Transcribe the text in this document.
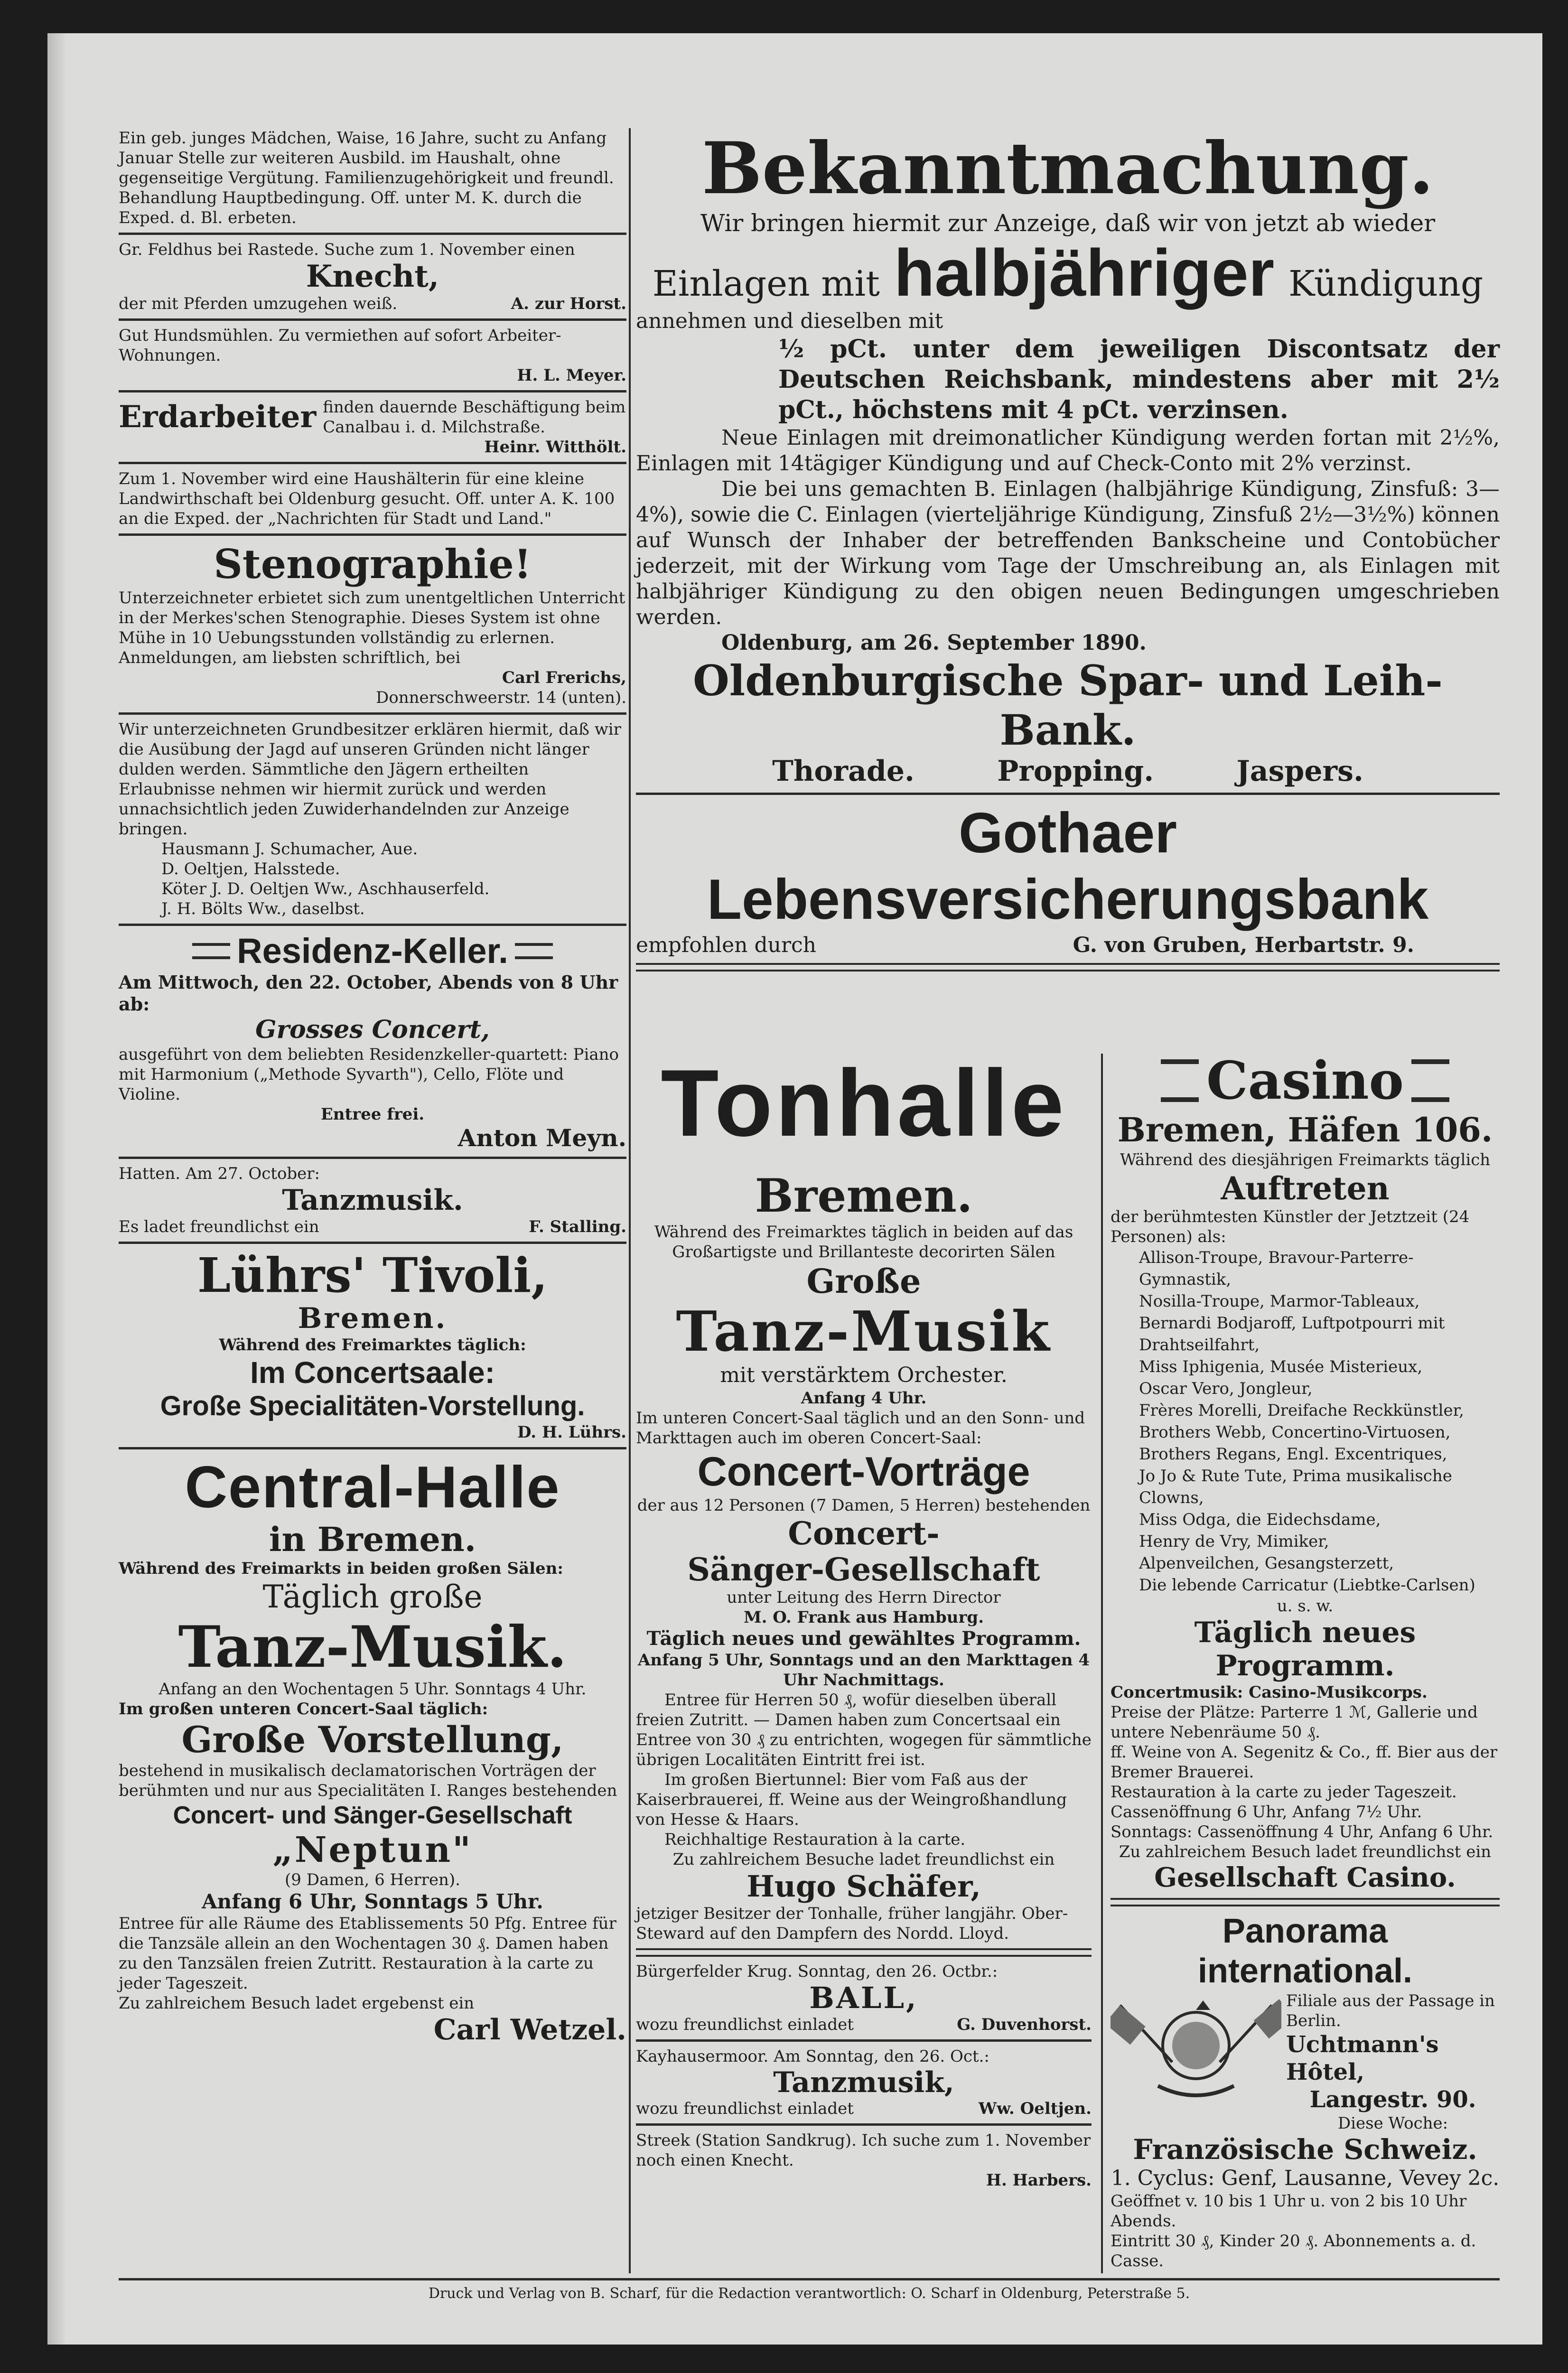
Ein geb. junges Mädchen, Waise, 16 Jahre, sucht zu Anfang Januar Stelle zur weiteren Ausbild. im Haushalt, ohne gegenseitige Vergütung. Familienzugehörigkeit und freundl. Behandlung Hauptbedingung. Off. unter M. K. durch die Exped. d. Bl. erbeten.

Gr. Feldhus bei Rastede. Suche zum 1. November einen

Knecht,
der mit Pferden umzugehen weiß.	A. zur Horst.

Gut Hundsmühlen. Zu vermiethen auf sofort Arbeiter-Wohnungen.

H. L. Meyer.
Erdarbeiter finden dauernde Beschäftigung beim Canalbau i. d. Milchstraße.
Heinr. Witthölt.

Zum 1. November wird eine Haushälterin für eine kleine Landwirthschaft bei Oldenburg gesucht. Off. unter A. K. 100 an die Exped. der „Nachrichten für Stadt und Land."

Stenographie!

Unterzeichneter erbietet sich zum unentgeltlichen Unterricht in der Merkes'schen Stenographie. Dieses System ist ohne Mühe in 10 Uebungsstunden vollständig zu erlernen. Anmeldungen, am liebsten schriftlich, bei

Carl Frerichs,
Donnerschweerstr. 14 (unten).

Wir unterzeichneten Grundbesitzer erklären hiermit, daß wir die Ausübung der Jagd auf unseren Gründen nicht länger dulden werden. Sämmtliche den Jägern ertheilten Erlaubnisse nehmen wir hiermit zurück und werden unnachsichtlich jeden Zuwiderhandelnden zur Anzeige bringen.

Hausmann J. Schumacher, Aue.
D. Oeltjen, Halsstede.
Köter J. D. Oeltjen Ww., Aschhauserfeld.
J. H. Bölts Ww., daselbst.
Residenz-Keller.
Am Mittwoch, den 22. October, Abends von 8 Uhr ab:
Grosses Concert,

ausgeführt von dem beliebten Residenzkeller-quartett: Piano mit Harmonium („Methode Syvarth"), Cello, Flöte und Violine.

Entree frei.
Anton Meyn.
Hatten. Am 27. October:
Tanzmusik.
Es ladet freundlichst ein	F. Stalling.
Lührs' Tivoli,
Bremen.
Während des Freimarktes täglich:
Im Concertsaale:
Große Specialitäten-Vorstellung.
D. H. Lührs.
Central-Halle
in Bremen.

Während des Freimarkts in beiden großen Sälen:

Täglich große
Tanz-Musik.
Anfang an den Wochentagen 5 Uhr. Sonntags 4 Uhr.
Im großen unteren Concert-Saal täglich:
Große Vorstellung,

bestehend in musikalisch declamatorischen Vorträgen der berühmten und nur aus Specialitäten I. Ranges bestehenden

Concert- und Sänger-Gesellschaft
„Neptun"
(9 Damen, 6 Herren).
Anfang 6 Uhr, Sonntags 5 Uhr.

Entree für alle Räume des Etablissements 50 Pfg. Entree für die Tanzsäle allein an den Wochentagen 30 ₰. Damen haben zu den Tanzsälen freien Zutritt. Restauration à la carte zu jeder Tageszeit.

Zu zahlreichem Besuch ladet ergebenst ein
Carl Wetzel.
Bekanntmachung.
Wir bringen hiermit zur Anzeige, daß wir von jetzt ab wieder
Einlagen mit halbjähriger Kündigung
annehmen und dieselben mit

½ pCt. unter dem jeweiligen Discontsatz der Deutschen Reichsbank, mindestens aber mit 2½ pCt., höchstens mit 4 pCt. verzinsen.

Neue Einlagen mit dreimonatlicher Kündigung werden fortan mit 2½%, Einlagen mit 14tägiger Kündigung und auf Check-Conto mit 2% verzinst.

Die bei uns gemachten B. Einlagen (halbjährige Kündigung, Zinsfuß: 3—4%), sowie die C. Einlagen (vierteljährige Kündigung, Zinsfuß 2½—3½%) können auf Wunsch der Inhaber der betreffenden Bankscheine und Contobücher jederzeit, mit der Wirkung vom Tage der Umschreibung an, als Einlagen mit halbjähriger Kündigung zu den obigen neuen Bedingungen umgeschrieben werden.

Oldenburg, am 26. September 1890.
Oldenburgische Spar- und Leih-Bank.
Thorade.	Propping.	Jaspers.
Gothaer Lebensversicherungsbank
empfohlen durch	G. von Gruben, Herbartstr. 9.
Tonhalle
Bremen.

Während des Freimarktes täglich in beiden auf das Großartigste und Brillanteste decorirten Sälen

Große
Tanz-Musik
mit verstärktem Orchester.
Anfang 4 Uhr.

Im unteren Concert-Saal täglich und an den Sonn- und Markttagen auch im oberen Concert-Saal:

Concert-Vorträge
der aus 12 Personen (7 Damen, 5 Herren) bestehenden
Concert-
Sänger-Gesellschaft
unter Leitung des Herrn Director
M. O. Frank aus Hamburg.
Täglich neues und gewähltes Programm.
Anfang 5 Uhr, Sonntags und an den Markttagen 4 Uhr Nachmittags.

Entree für Herren 50 ₰, wofür dieselben überall freien Zutritt. — Damen haben zum Concertsaal ein Entree von 30 ₰ zu entrichten, wogegen für sämmtliche übrigen Localitäten Eintritt frei ist.

Im großen Biertunnel: Bier vom Faß aus der Kaiserbrauerei, ff. Weine aus der Weingroßhandlung von Hesse & Haars.

Reichhaltige Restauration à la carte.
Zu zahlreichem Besuche ladet freundlichst ein
Hugo Schäfer,

jetziger Besitzer der Tonhalle, früher langjähr. Ober-Steward auf den Dampfern des Nordd. Lloyd.

Bürgerfelder Krug. Sonntag, den 26. Octbr.:
BALL,
wozu freundlichst einladet	G. Duvenhorst.
Kayhausermoor. Am Sonntag, den 26. Oct.:
Tanzmusik,
wozu freundlichst einladet	Ww. Oeltjen.

Streek (Station Sandkrug). Ich suche zum 1. November noch einen Knecht.

H. Harbers.
Casino
Bremen, Häfen 106.
Während des diesjährigen Freimarkts täglich
Auftreten

der berühmtesten Künstler der Jetztzeit (24 Personen) als:

Allison-Troupe, Bravour-Parterre-Gymnastik,
Nosilla-Troupe, Marmor-Tableaux,
Bernardi Bodjaroff, Luftpotpourri mit Drahtseilfahrt,
Miss Iphigenia, Musée Misterieux,
Oscar Vero, Jongleur,
Frères Morelli, Dreifache Reckkünstler,
Brothers Webb, Concertino-Virtuosen,
Brothers Regans, Engl. Excentriques,
Jo Jo & Rute Tute, Prima musikalische Clowns,
Miss Odga, die Eidechsdame,
Henry de Vry, Mimiker,
Alpenveilchen, Gesangsterzett,
Die lebende Carricatur (Liebtke-Carlsen)
u. s. w.
Täglich neues Programm.
Concertmusik: Casino-Musikcorps.

Preise der Plätze: Parterre 1 ℳ, Gallerie und untere Nebenräume 50 ₰.

ff. Weine von A. Segenitz & Co., ff. Bier aus der Bremer Brauerei.

Restauration à la carte zu jeder Tageszeit.

Cassenöffnung 6 Uhr, Anfang 7½ Uhr. Sonntags: Cassenöffnung 4 Uhr, Anfang 6 Uhr.

Zu zahlreichem Besuch ladet freundlichst ein
Gesellschaft Casino.
Panorama international.
Filiale aus der Passage in Berlin.
Uchtmann's Hôtel,
Langestr. 90.
Diese Woche:
Französische Schweiz.
1. Cyclus: Genf, Lausanne, Vevey 2c.
Geöffnet v. 10 bis 1 Uhr u. von 2 bis 10 Uhr Abends.
Eintritt 30 ₰, Kinder 20 ₰. Abonnements a. d. Casse.
Druck und Verlag von B. Scharf, für die Redaction verantwortlich: O. Scharf in Oldenburg, Peterstraße 5.
